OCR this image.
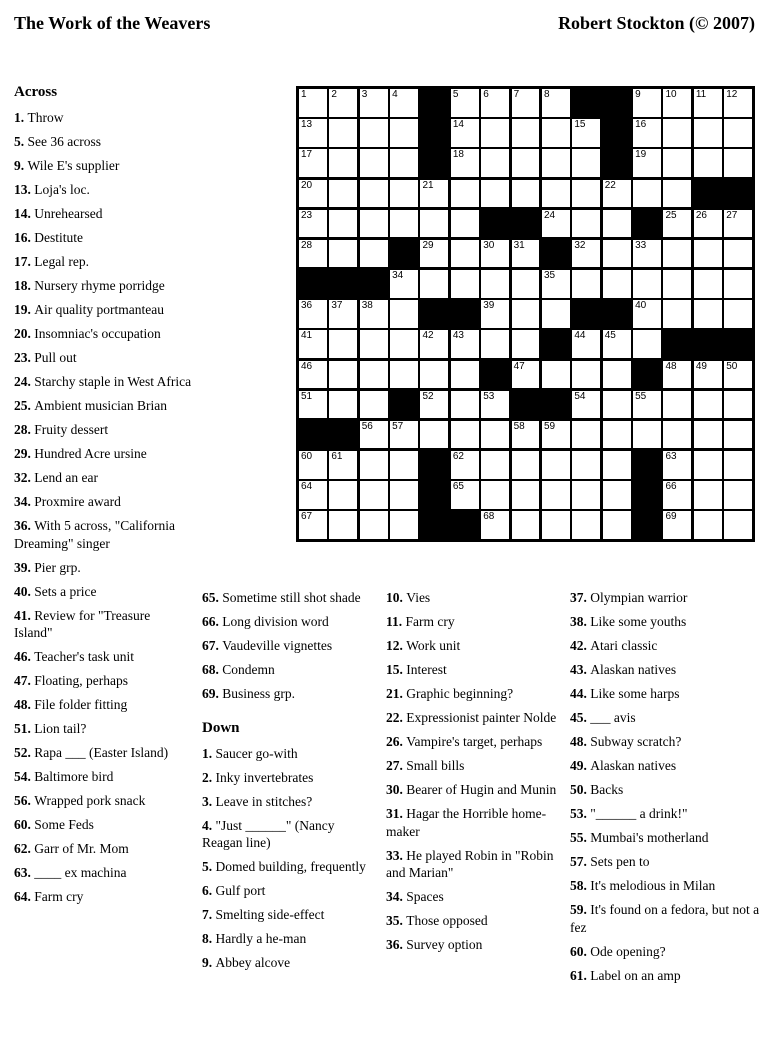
The Work of the Weavers	Robert Stockton (© 2007)
1 2 3 4	5 6 7 8	9 10 11 12
13	14	15	16
17	18	19
20	21	22
23	24	25 26 27
28	29	30 31	32	33
34	35
36 37 38	39	40
41	42 43	44 45
46	47	48 49 50
51	52	53	54	55
56 57	58 59
60 61	62	63
64	65	66
67	68	69
Across
1. Throw
5. See 36 across
9. Wile E's supplier
13. Loja's loc.
14. Unrehearsed
16. Destitute
17. Legal rep.
18. Nursery rhyme porridge
19. Air quality portmanteau
20. Insomniac's occupation
23. Pull out
24. Starchy staple in West Africa
25. Ambient musician Brian
28. Fruity dessert
29. Hundred Acre ursine
32. Lend an ear
34. Proxmire award
36. With 5 across, "California Dreaming" singer
39. Pier grp.
40. Sets a price
41. Review for "Treasure Island"
46. Teacher's task unit
47. Floating, perhaps
48. File folder fitting
51. Lion tail?
52. Rapa ___ (Easter Island)
54. Baltimore bird
56. Wrapped pork snack
60. Some Feds
62. Garr of Mr. Mom
63. ____ ex machina
64. Farm cry
65. Sometime still shot shade
66. Long division word
67. Vaudeville vignettes
68. Condemn
69. Business grp.
Down
1. Saucer go-with
2. Inky invertebrates
3. Leave in stitches?
4. "Just ______" (Nancy Reagan line)
5. Domed building, frequently
6. Gulf port
7. Smelting side-effect
8. Hardly a he-man
9. Abbey alcove
10. Vies
11. Farm cry
12. Work unit
15. Interest
21. Graphic beginning?
22. Expressionist painter Nolde
26. Vampire's target, perhaps
27. Small bills
30. Bearer of Hugin and Munin
31. Hagar the Horrible home-maker
33. He played Robin in "Robin and Marian"
34. Spaces
35. Those opposed
36. Survey option
37. Olympian warrior
38. Like some youths
42. Atari classic
43. Alaskan natives
44. Like some harps
45. ___ avis
48. Subway scratch?
49. Alaskan natives
50. Backs
53. "______ a drink!"
55. Mumbai's motherland
57. Sets pen to
58. It's melodious in Milan
59. It's found on a fedora, but not a fez
60. Ode opening?
61. Label on an amp
